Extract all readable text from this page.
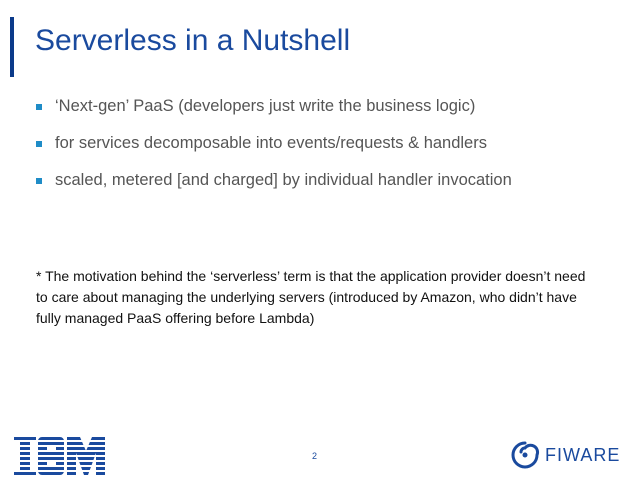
Serverless in a Nutshell
‘Next-gen’ PaaS (developers just write the business logic)
for services decomposable into events/requests & handlers
scaled, metered [and charged] by individual handler invocation
* The motivation behind the ‘serverless’ term is that the application provider doesn’t need to care about managing the underlying servers (introduced by Amazon, who didn’t have fully managed PaaS offering before Lambda)
2	FIWARE
